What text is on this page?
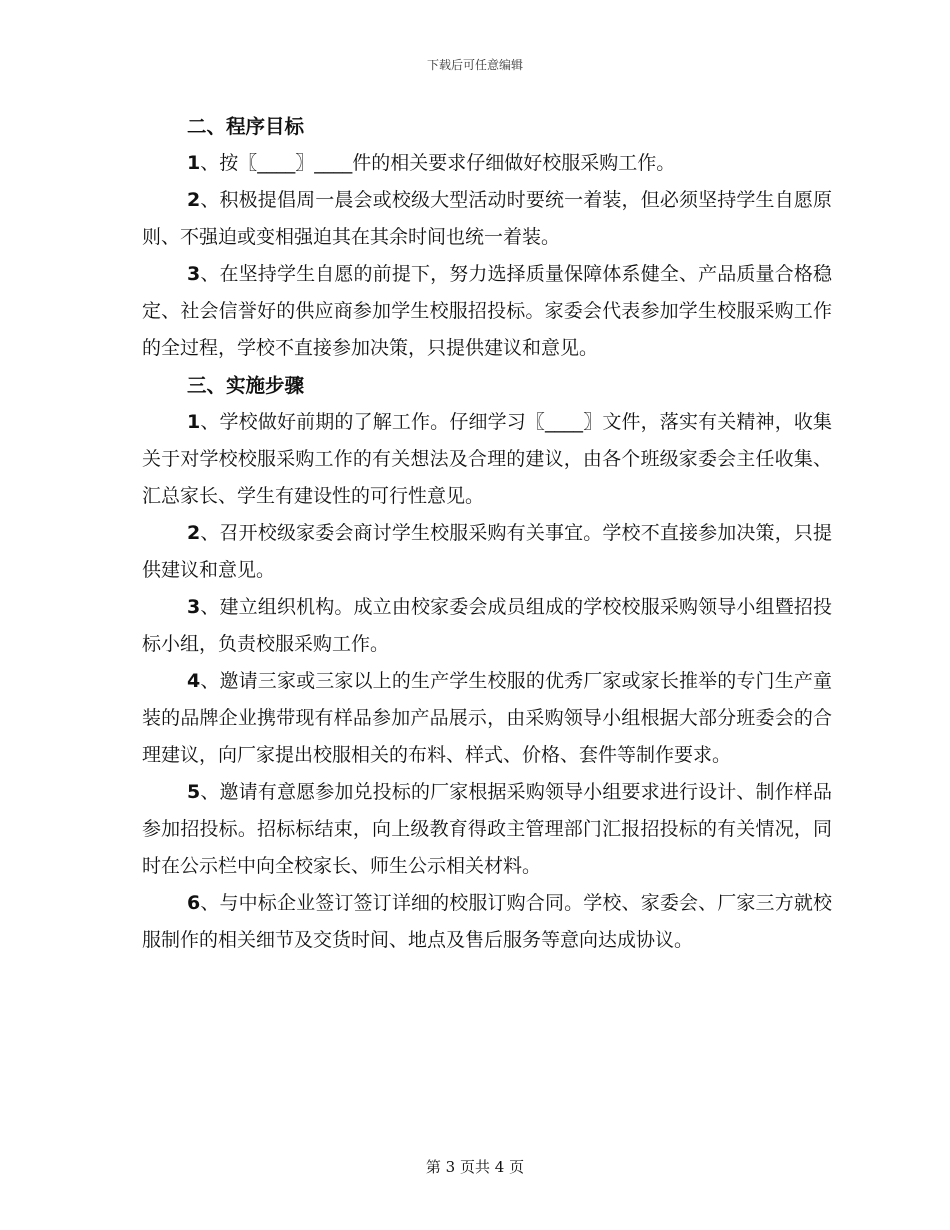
下载后可任意编辑

二、程序目标

1、按〖____〗____件的相关要求仔细做好校服采购工作。

2、积极提倡周一晨会或校级大型活动时要统一着装，但必须坚持学生自愿原则、不强迫或变相强迫其在其余时间也统一着装。

3、在坚持学生自愿的前提下，努力选择质量保障体系健全、产品质量合格稳定、社会信誉好的供应商参加学生校服招投标。家委会代表参加学生校服采购工作的全过程，学校不直接参加决策，只提供建议和意见。

三、实施步骤

1、学校做好前期的了解工作。仔细学习〖____〗文件，落实有关精神，收集关于对学校校服采购工作的有关想法及合理的建议，由各个班级家委会主任收集、汇总家长、学生有建设性的可行性意见。

2、召开校级家委会商讨学生校服采购有关事宜。学校不直接参加决策，只提供建议和意见。

3、建立组织机构。成立由校家委会成员组成的学校校服采购领导小组暨招投标小组，负责校服采购工作。

4、邀请三家或三家以上的生产学生校服的优秀厂家或家长推举的专门生产童装的品牌企业携带现有样品参加产品展示，由采购领导小组根据大部分班委会的合理建议，向厂家提出校服相关的布料、样式、价格、套件等制作要求。

5、邀请有意愿参加兑投标的厂家根据采购领导小组要求进行设计、制作样品参加招投标。招标标结束，向上级教育得政主管理部门汇报招投标的有关情况，同时在公示栏中向全校家长、师生公示相关材料。

6、与中标企业签订签订详细的校服订购合同。学校、家委会、厂家三方就校服制作的相关细节及交货时间、地点及售后服务等意向达成协议。

第 3 页共 4 页
